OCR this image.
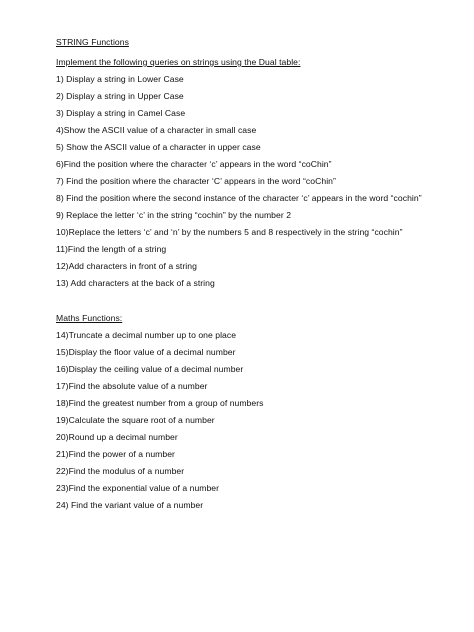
STRING Functions
Implement the following queries on strings using the Dual table:
1) Display a string in Lower Case
2) Display a string in Upper Case
3) Display a string in Camel Case
4)Show the ASCII value of a character in small case
5) Show the ASCII value of a character in upper case
6)Find the position where the character ‘c’ appears in the word “coChin”
7) Find the position where the character ‘C’ appears in the word “coChin”
8) Find the position where the second instance of the character ‘c’ appears in the word “cochin”
9) Replace the letter ‘c’ in the string “cochin” by the number 2
10)Replace the letters ‘c’ and ‘n’ by the numbers 5 and 8 respectively in the string “cochin”
11)Find the length of a string
12)Add characters in front of a string
13) Add characters at the back of a string
Maths Functions:
14)Truncate a decimal number up to one place
15)Display the floor value of a decimal number
16)Display the ceiling value of a decimal number
17)Find the absolute value of a number
18)Find the greatest number from a group of numbers
19)Calculate the square root of a number
20)Round up a decimal number
21)Find the power of a number
22)Find the modulus of a number
23)Find the exponential value of a number
24) Find the variant value of a number
